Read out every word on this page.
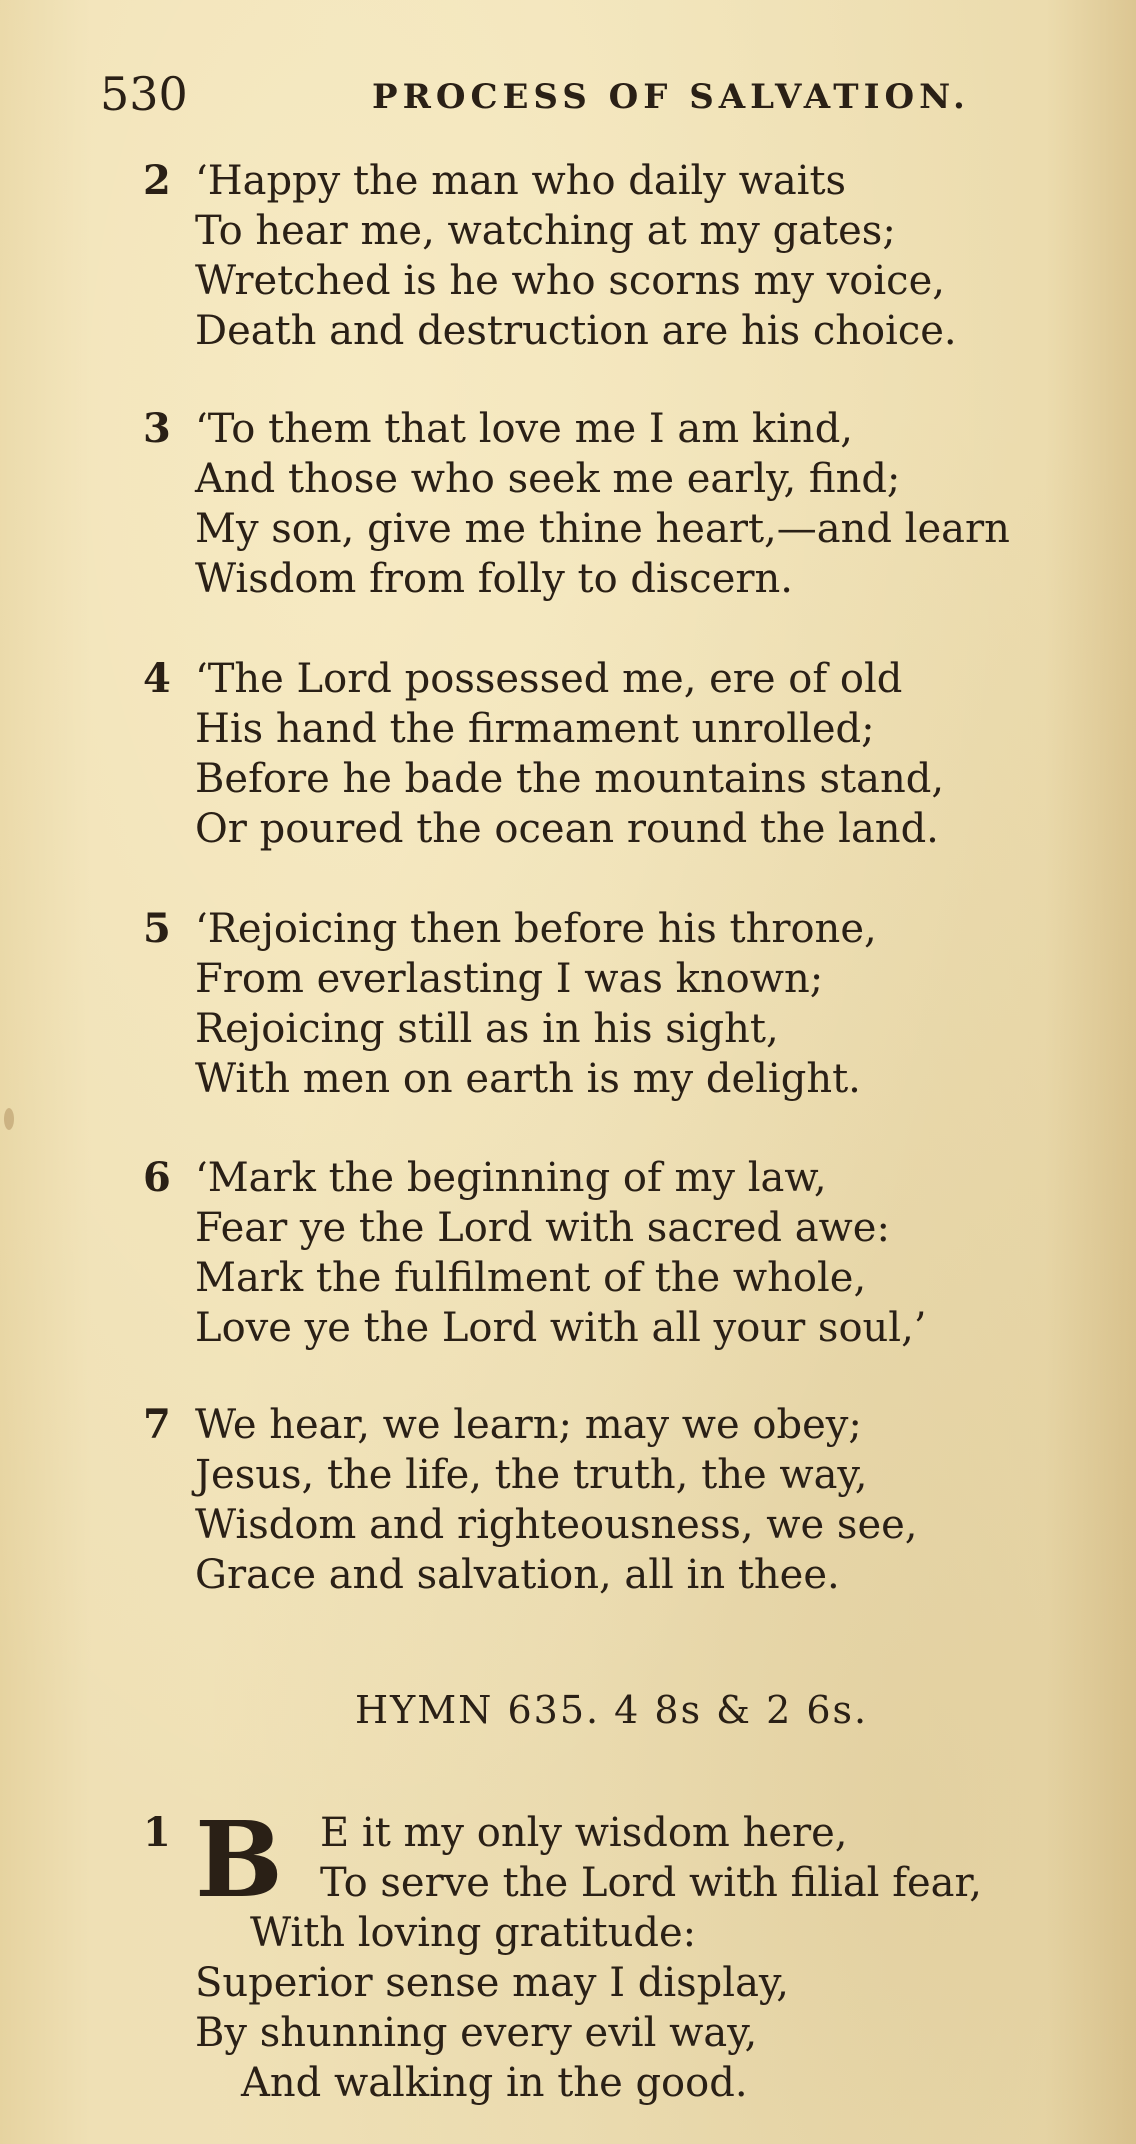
530	PROCESS OF SALVATION.
2 ‘Happy the man who daily waits
To hear me, watching at my gates;
Wretched is he who scorns my voice,
Death and destruction are his choice.
3 ‘To them that love me I am kind,
And those who seek me early, find;
My son, give me thine heart,—and learn
Wisdom from folly to discern.
4 ‘The Lord possessed me, ere of old
His hand the firmament unrolled;
Before he bade the mountains stand,
Or poured the ocean round the land.
5 ‘Rejoicing then before his throne,
From everlasting I was known;
Rejoicing still as in his sight,
With men on earth is my delight.
6 ‘Mark the beginning of my law,
Fear ye the Lord with sacred awe:
Mark the fulfilment of the whole,
Love ye the Lord with all your soul,’
7 We hear, we learn; may we obey;
Jesus, the life, the truth, the way,
Wisdom and righteousness, we see,
Grace and salvation, all in thee.
HYMN 635. 4 8s & 2 6s.
1 B E it my only wisdom here,
To serve the Lord with filial fear,
With loving gratitude:
Superior sense may I display,
By shunning every evil way,
And walking in the good.
